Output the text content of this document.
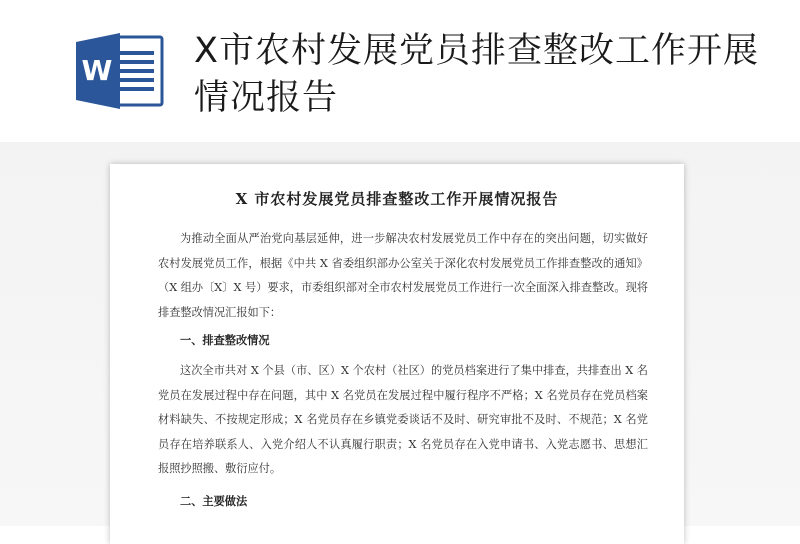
W X市农村发展党员排查整改工作开展情况报告
X 市农村发展党员排查整改工作开展情况报告
为推动全面从严治党向基层延伸，进一步解决农村发展党员工作中存在的突出问题，切实做好农村发展党员工作，根据《中共 X 省委组织部办公室关于深化农村发展党员工作排查整改的通知》（X 组办〔X〕X 号）要求，市委组织部对全市农村发展党员工作进行一次全面深入排查整改。现将排查整改情况汇报如下：
一、排查整改情况
这次全市共对 X 个县（市、区）X 个农村（社区）的党员档案进行了集中排查，共排查出 X 名党员在发展过程中存在问题，其中 X 名党员在发展过程中履行程序不严格；X 名党员存在党员档案材料缺失、不按规定形成；X 名党员存在乡镇党委谈话不及时、研究审批不及时、不规范；X 名党员存在培养联系人、入党介绍人不认真履行职责；X 名党员存在入党申请书、入党志愿书、思想汇报照抄照搬、敷衍应付。
二、主要做法
